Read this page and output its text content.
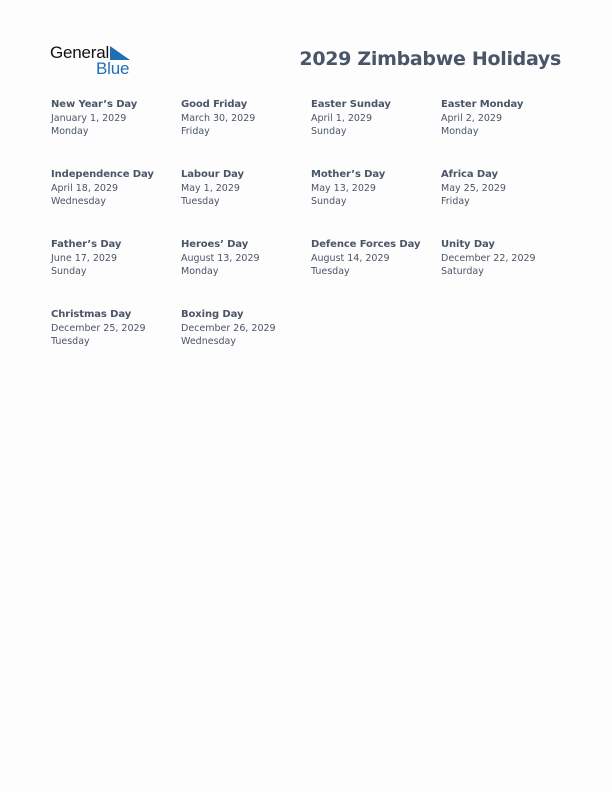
General
Blue	2029 Zimbabwe Holidays
New Year’s Day
January 1, 2029
Monday
Good Friday
March 30, 2029
Friday
Easter Sunday
April 1, 2029
Sunday
Easter Monday
April 2, 2029
Monday
Independence Day
April 18, 2029
Wednesday
Labour Day
May 1, 2029
Tuesday
Mother’s Day
May 13, 2029
Sunday
Africa Day
May 25, 2029
Friday
Father’s Day
June 17, 2029
Sunday
Heroes’ Day
August 13, 2029
Monday
Defence Forces Day
August 14, 2029
Tuesday
Unity Day
December 22, 2029
Saturday
Christmas Day
December 25, 2029
Tuesday
Boxing Day
December 26, 2029
Wednesday
